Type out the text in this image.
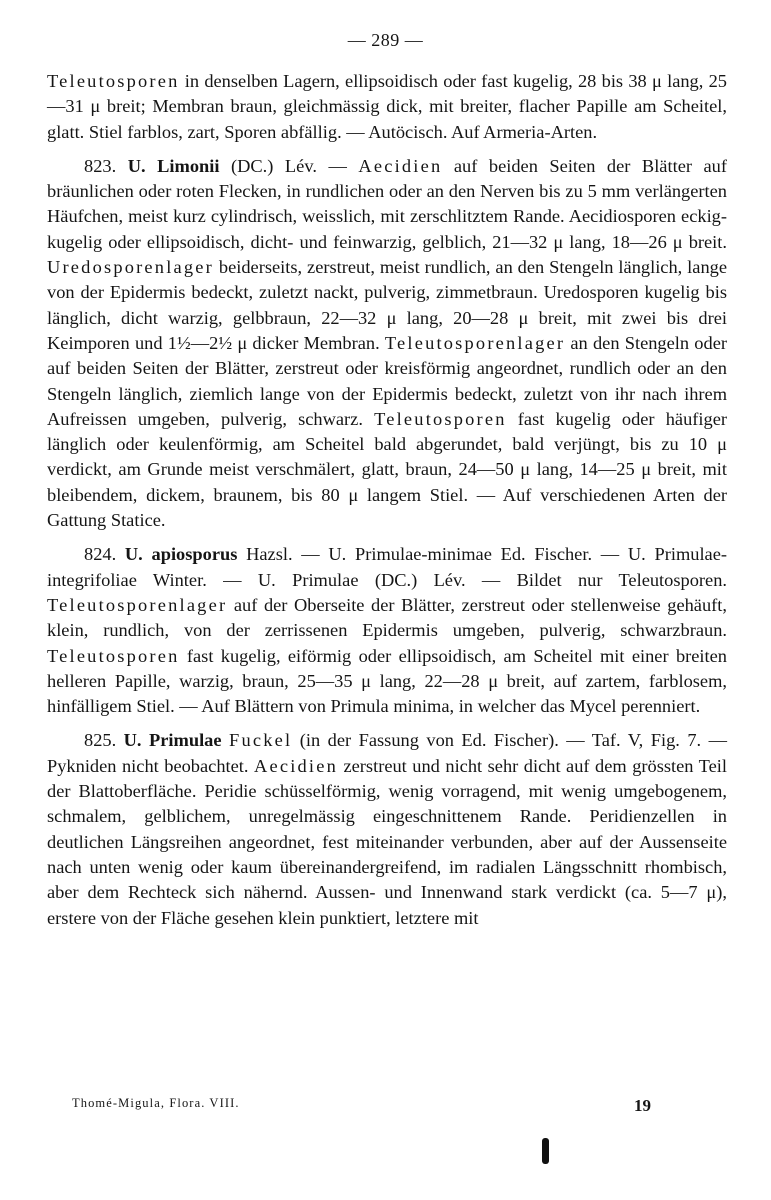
— 289 —

Teleutosporen in denselben Lagern, ellipsoidisch oder fast kugelig, 28 bis 38 μ lang, 25—31 μ breit; Membran braun, gleichmässig dick, mit breiter, flacher Papille am Scheitel, glatt. Stiel farblos, zart, Sporen abfällig. — Autöcisch. Auf Armeria-Arten.

823. U. Limonii (DC.) Lév. — Aecidien auf beiden Seiten der Blätter auf bräunlichen oder roten Flecken, in rundlichen oder an den Nerven bis zu 5 mm verlängerten Häufchen, meist kurz cylindrisch, weisslich, mit zerschlitztem Rande. Aecidiosporen eckig-kugelig oder ellipsoidisch, dicht- und feinwarzig, gelblich, 21—32 μ lang, 18—26 μ breit. Uredosporenlager beiderseits, zerstreut, meist rundlich, an den Stengeln länglich, lange von der Epidermis bedeckt, zuletzt nackt, pulverig, zimmetbraun. Uredosporen kugelig bis länglich, dicht warzig, gelbbraun, 22—32 μ lang, 20—28 μ breit, mit zwei bis drei Keimporen und 1½—2½ μ dicker Membran. Teleutosporenlager an den Stengeln oder auf beiden Seiten der Blätter, zerstreut oder kreisförmig angeordnet, rundlich oder an den Stengeln länglich, ziemlich lange von der Epidermis bedeckt, zuletzt von ihr nach ihrem Aufreissen umgeben, pulverig, schwarz. Teleutosporen fast kugelig oder häufiger länglich oder keulenförmig, am Scheitel bald abgerundet, bald verjüngt, bis zu 10 μ verdickt, am Grunde meist verschmälert, glatt, braun, 24—50 μ lang, 14—25 μ breit, mit bleibendem, dickem, braunem, bis 80 μ langem Stiel. — Auf verschiedenen Arten der Gattung Statice.

824. U. apiosporus Hazsl. — U. Primulae-minimae Ed. Fischer. — U. Primulae-integrifoliae Winter. — U. Primulae (DC.) Lév. — Bildet nur Teleutosporen. Teleutosporenlager auf der Oberseite der Blätter, zerstreut oder stellenweise gehäuft, klein, rundlich, von der zerrissenen Epidermis umgeben, pulverig, schwarzbraun. Teleutosporen fast kugelig, eiförmig oder ellipsoidisch, am Scheitel mit einer breiten helleren Papille, warzig, braun, 25—35 μ lang, 22—28 μ breit, auf zartem, farblosem, hinfälligem Stiel. — Auf Blättern von Primula minima, in welcher das Mycel perenniert.

825. U. Primulae Fuckel (in der Fassung von Ed. Fischer). — Taf. V, Fig. 7. — Pykniden nicht beobachtet. Aecidien zerstreut und nicht sehr dicht auf dem grössten Teil der Blattoberfläche. Peridie schüsselförmig, wenig vorragend, mit wenig umgebogenem, schmalem, gelblichem, unregelmässig eingeschnittenem Rande. Peridienzellen in deutlichen Längsreihen angeordnet, fest miteinander verbunden, aber auf der Aussenseite nach unten wenig oder kaum übereinandergreifend, im radialen Längsschnitt rhombisch, aber dem Rechteck sich nähernd. Aussen- und Innenwand stark verdickt (ca. 5—7 μ), erstere von der Fläche gesehen klein punktiert, letztere mit

Thomé-Migula, Flora. VIII.	19
